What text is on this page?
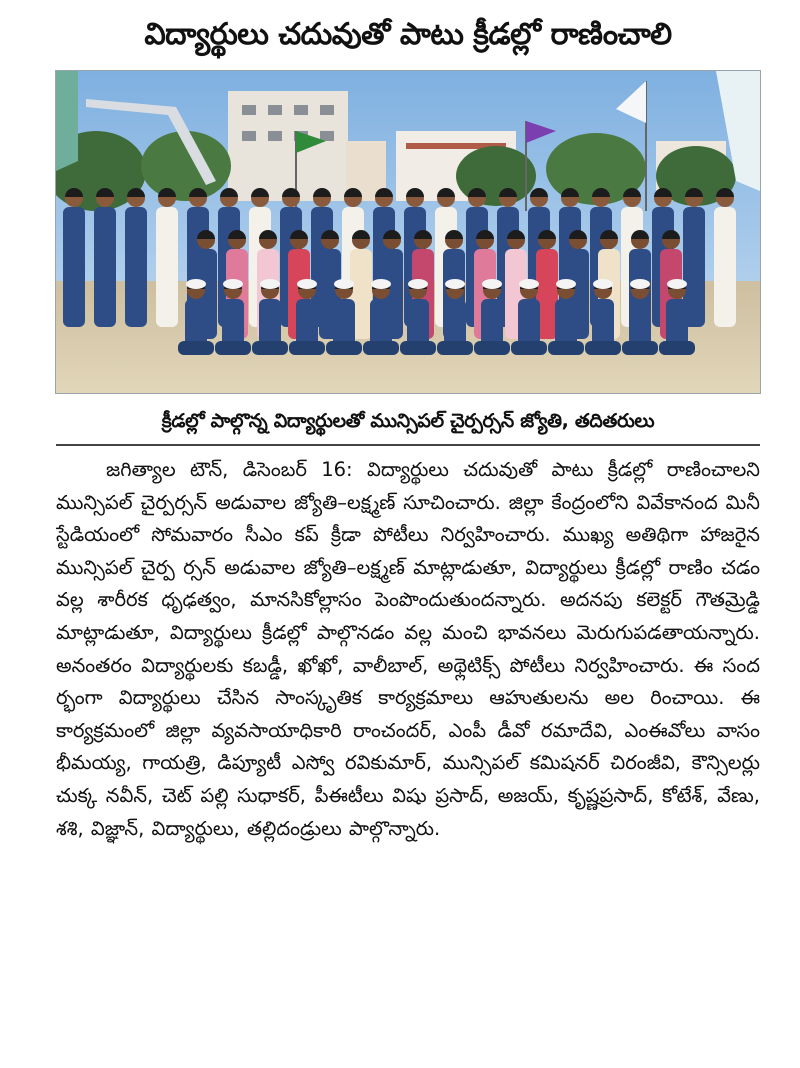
విద్యార్థులు చదువుతో పాటు క్రీడల్లో రాణించాలి
క్రీడల్లో పాల్గొన్న విద్యార్థులతో మున్సిపల్ చైర్పర్సన్ జ్యోతి, తదితరులు
జగిత్యాల టౌన్, డిసెంబర్ 16: విద్యార్థులు చదువుతో పాటు క్రీడల్లో రాణించాలని మున్సిపల్ చైర్పర్సన్ అడువాల జ్యోతి–లక్ష్మణ్ సూచించారు. జిల్లా కేంద్రంలోని వివేకానంద మినీ స్టేడియంలో సోమవారం సీఎం కప్ క్రీడా పోటీలు నిర్వహించారు. ముఖ్య అతిథిగా హాజరైన మున్సిపల్ చైర్ప ర్సన్ అడువాల జ్యోతి–లక్ష్మణ్ మాట్లాడుతూ, విద్యార్థులు క్రీడల్లో రాణిం చడం వల్ల శారీరక ధృఢత్వం, మానసికోల్లాసం పెంపొందుతుందన్నారు. అదనపు కలెక్టర్ గౌతమ్రెడ్డి మాట్లాడుతూ, విద్యార్థులు క్రీడల్లో పాల్గొనడం వల్ల మంచి భావనలు మెరుగుపడతాయన్నారు. అనంతరం విద్యార్థులకు కబడ్డీ, ఖోఖో, వాలీబాల్, అథ్లెటిక్స్ పోటీలు నిర్వహించారు. ఈ సంద ర్భంగా విద్యార్థులు చేసిన సాంస్కృతిక కార్యక్రమాలు ఆహుతులను అల రించాయి. ఈ కార్యక్రమంలో జిల్లా వ్యవసాయాధికారి రాంచందర్, ఎంపీ డీవో రమాదేవి, ఎంఈవోలు వాసం భీమయ్య, గాయత్రి, డిప్యూటీ ఎస్వో రవికుమార్, మున్సిపల్ కమిషనర్ చిరంజీవి, కౌన్సిలర్లు చుక్క నవీన్, చెట్ పల్లి సుధాకర్, పీఈటీలు విషు ప్రసాద్, అజయ్, కృష్ణప్రసాద్, కోటేశ్, వేణు, శశి, విజ్ఞాన్, విద్యార్థులు, తల్లిదండ్రులు పాల్గొన్నారు.
